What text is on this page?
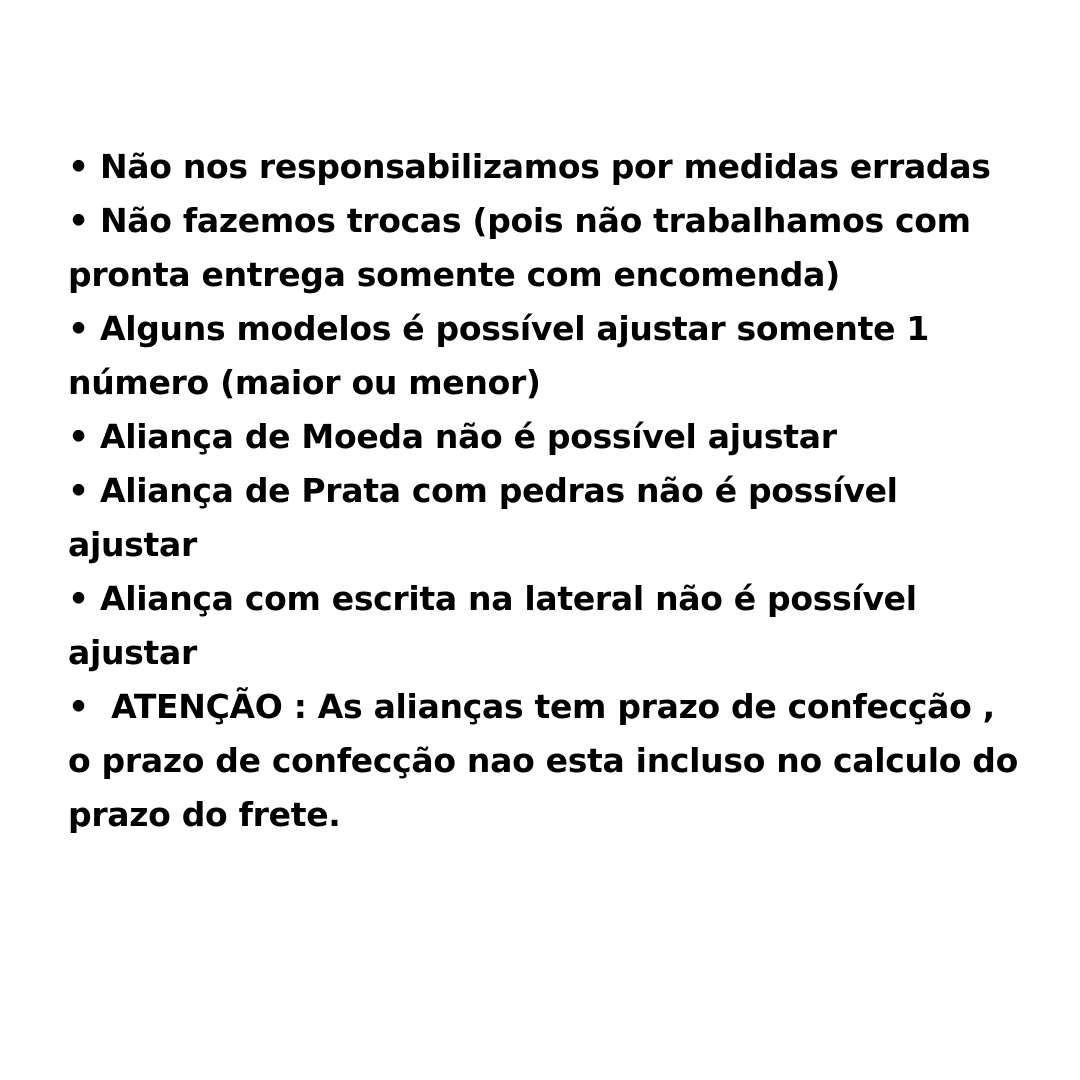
• Não nos responsabilizamos por medidas erradas
• Não fazemos trocas (pois não trabalhamos com pronta entrega somente com encomenda)
• Alguns modelos é possível ajustar somente 1 número (maior ou menor)
• Aliança de Moeda não é possível ajustar
• Aliança de Prata com pedras não é possível ajustar
• Aliança com escrita na lateral não é possível ajustar
•  ATENÇÃO : As alianças tem prazo de confecção , o prazo de confecção nao esta incluso no calculo do prazo do frete.
